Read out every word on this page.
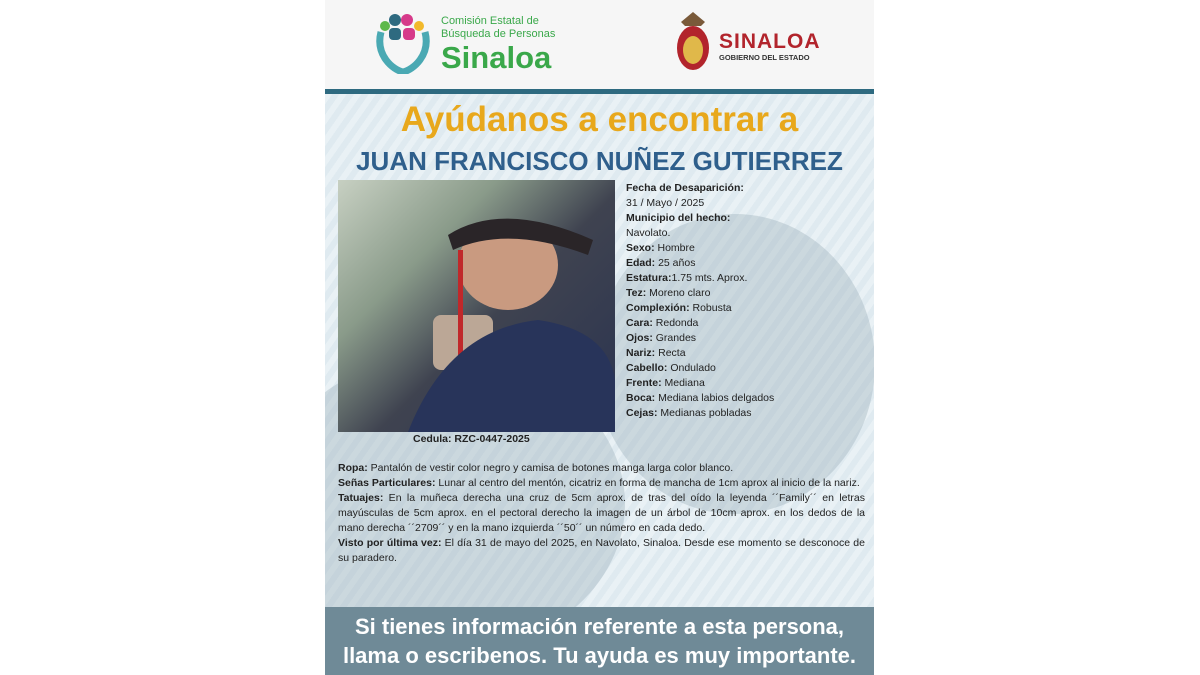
Comisión Estatal de
Búsqueda de Personas
Sinaloa	SINALOA
GOBIERNO DEL ESTADO
Ayúdanos a encontrar a
JUAN FRANCISCO NUÑEZ GUTIERREZ
Cedula: RZC-0447-2025
Fecha de Desaparición:
31 / Mayo / 2025
Municipio del hecho:
Navolato.
Sexo: Hombre
Edad: 25 años
Estatura:1.75 mts. Aprox.
Tez: Moreno claro
Complexión: Robusta
Cara: Redonda
Ojos: Grandes
Nariz: Recta
Cabello: Ondulado
Frente: Mediana
Boca: Mediana labios delgados
Cejas: Medianas pobladas
Ropa: Pantalón de vestir color negro y camisa de botones manga larga color blanco.
Señas Particulares: Lunar al centro del mentón, cicatriz en forma de mancha de 1cm aprox al inicio de la nariz.
Tatuajes: En la muñeca derecha una cruz de 5cm aprox. de tras del oído la leyenda ´´Family´´ en letras mayúsculas de 5cm aprox. en el pectoral derecho la imagen de un árbol de 10cm aprox. en los dedos de la mano derecha ´´2709´´ y en la mano izquierda ´´50´´ un número en cada dedo.
Visto por última vez: El día 31 de mayo del 2025, en Navolato, Sinaloa. Desde ese momento se desconoce de su paradero.
Si tienes información referente a esta persona,
llama o escribenos. Tu ayuda es muy importante.
